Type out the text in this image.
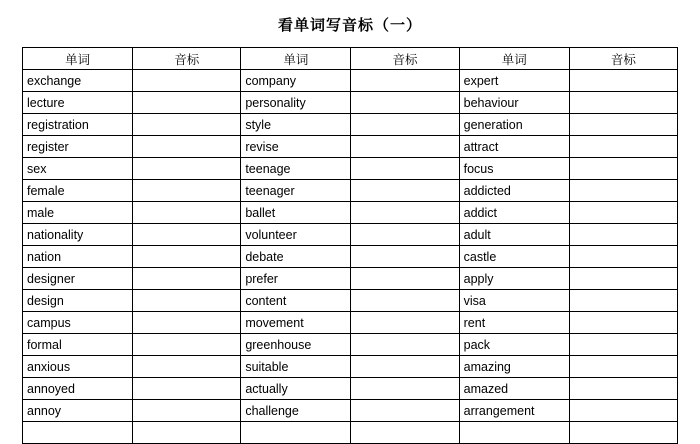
看单词写音标（一）
单词	音标	单词	音标	单词	音标
exchange		company		expert	
lecture		personality		behaviour	
registration		style		generation	
register		revise		attract	
sex		teenage		focus	
female		teenager		addicted	
male		ballet		addict	
nationality		volunteer		adult	
nation		debate		castle	
designer		prefer		apply	
design		content		visa	
campus		movement		rent	
formal		greenhouse		pack	
anxious		suitable		amazing	
annoyed		actually		amazed	
annoy		challenge		arrangement	
